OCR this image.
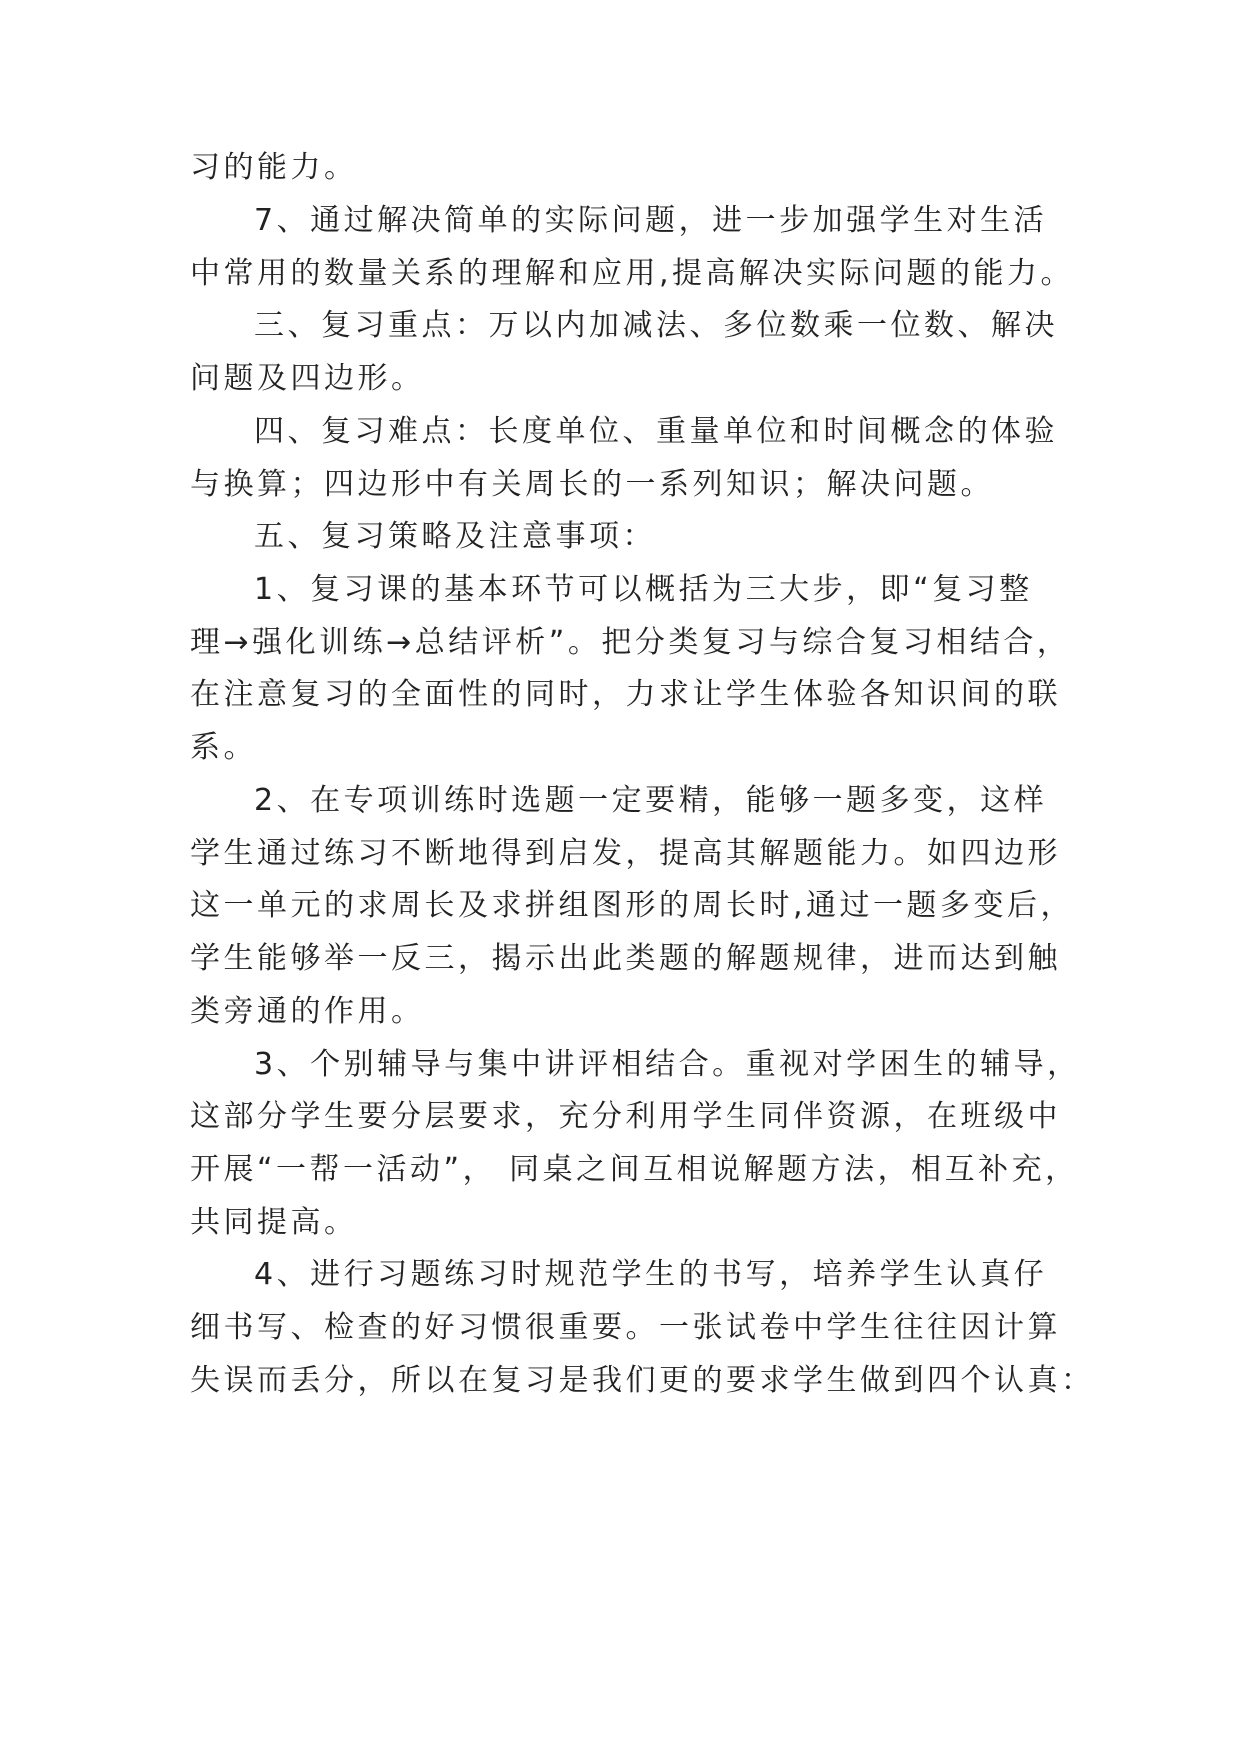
习的能力。
7、通过解决简单的实际问题，进一步加强学生对生活
中常用的数量关系的理解和应用,提高解决实际问题的能力。
三、复习重点：万以内加减法、多位数乘一位数、解决
问题及四边形。
四、复习难点：长度单位、重量单位和时间概念的体验
与换算；四边形中有关周长的一系列知识；解决问题。
五、复习策略及注意事项：
1、复习课的基本环节可以概括为三大步，即“复习整
理→强化训练→总结评析”。把分类复习与综合复习相结合，
在注意复习的全面性的同时，力求让学生体验各知识间的联
系。
2、在专项训练时选题一定要精，能够一题多变，这样
学生通过练习不断地得到启发，提高其解题能力。如四边形
这一单元的求周长及求拼组图形的周长时,通过一题多变后，
学生能够举一反三，揭示出此类题的解题规律，进而达到触
类旁通的作用。
3、个别辅导与集中讲评相结合。重视对学困生的辅导，
这部分学生要分层要求，充分利用学生同伴资源，在班级中
开展“一帮一活动”， 同桌之间互相说解题方法，相互补充，
共同提高。
4、进行习题练习时规范学生的书写，培养学生认真仔
细书写、检查的好习惯很重要。一张试卷中学生往往因计算
失误而丢分，所以在复习是我们更的要求学生做到四个认真：
